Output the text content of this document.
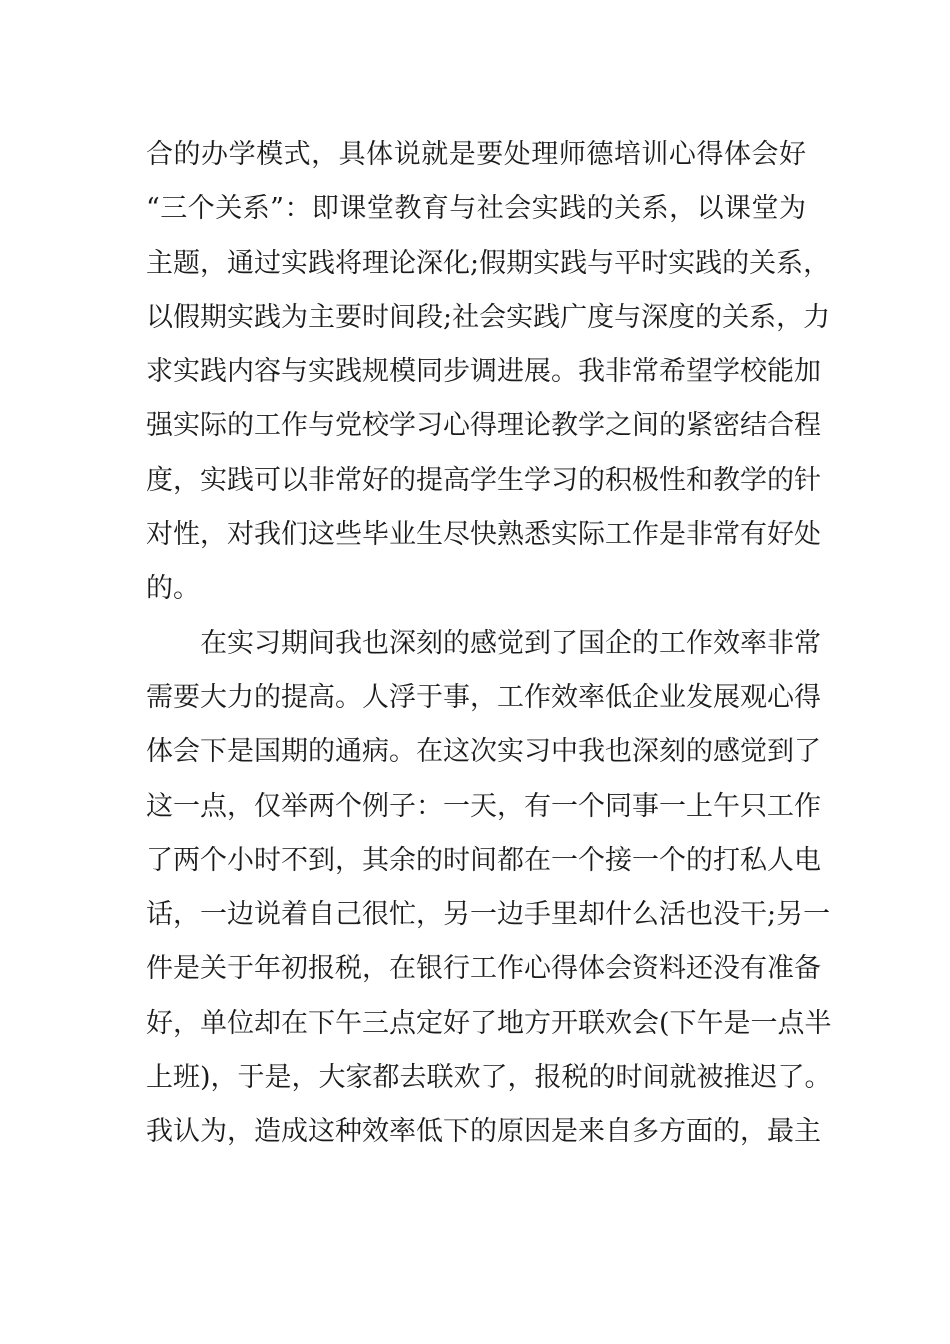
合的办学模式，具体说就是要处理师德培训心得体会好
“三个关系”：即课堂教育与社会实践的关系，以课堂为
主题，通过实践将理论深化;假期实践与平时实践的关系，
以假期实践为主要时间段;社会实践广度与深度的关系，力
求实践内容与实践规模同步调进展。我非常希望学校能加
强实际的工作与党校学习心得理论教学之间的紧密结合程
度，实践可以非常好的提高学生学习的积极性和教学的针
对性，对我们这些毕业生尽快熟悉实际工作是非常有好处
的。
在实习期间我也深刻的感觉到了国企的工作效率非常
需要大力的提高。人浮于事，工作效率低企业发展观心得
体会下是国期的通病。在这次实习中我也深刻的感觉到了
这一点，仅举两个例子：一天，有一个同事一上午只工作
了两个小时不到，其余的时间都在一个接一个的打私人电
话，一边说着自己很忙，另一边手里却什么活也没干;另一
件是关于年初报税，在银行工作心得体会资料还没有准备
好，单位却在下午三点定好了地方开联欢会(下午是一点半
上班)，于是，大家都去联欢了，报税的时间就被推迟了。
我认为，造成这种效率低下的原因是来自多方面的，最主
